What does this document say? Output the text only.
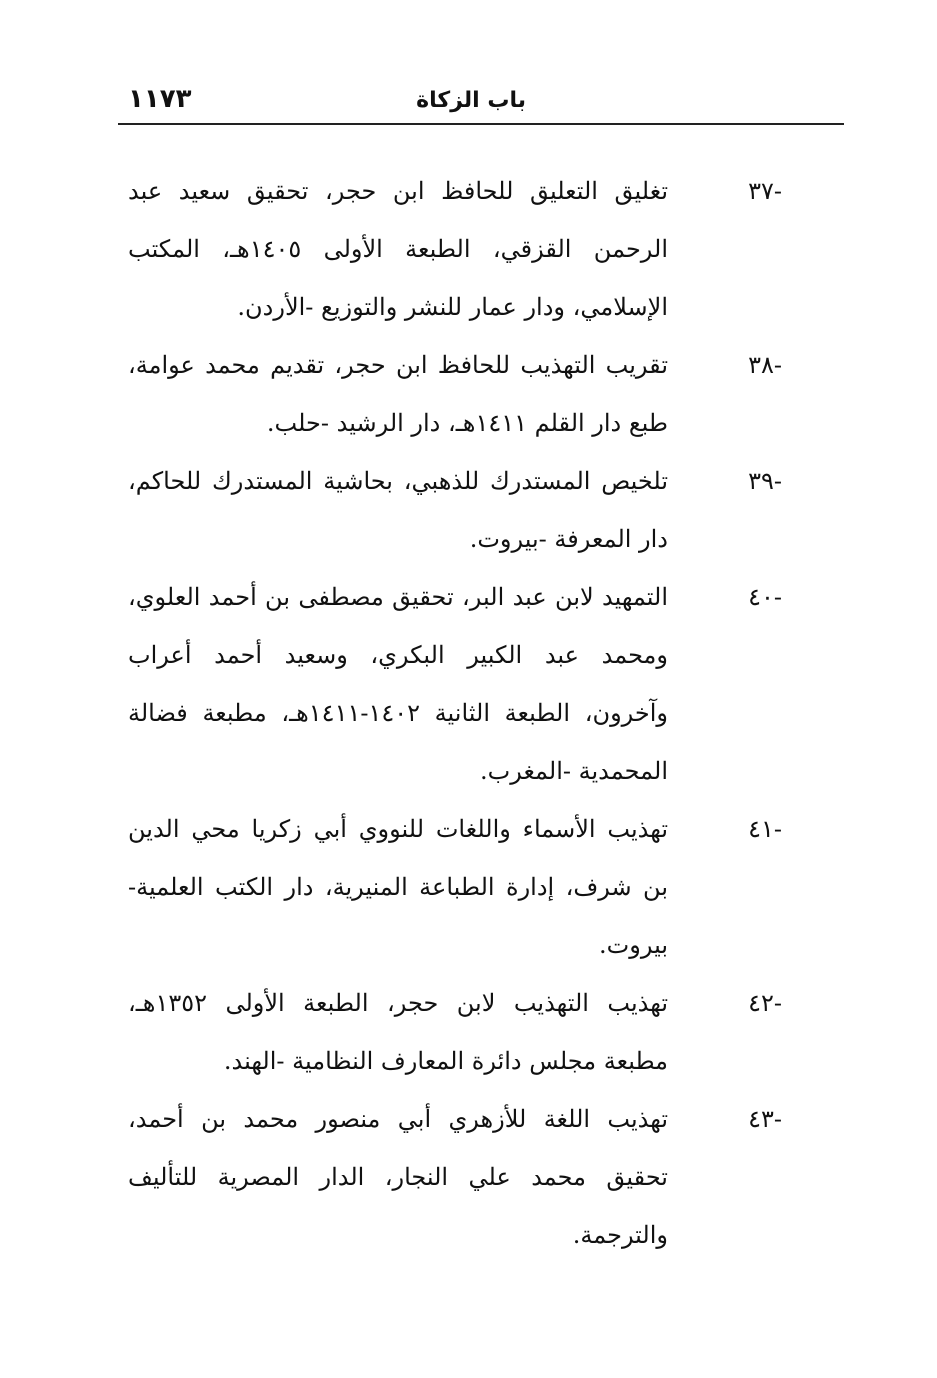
باب الزكاة
١١٧٣
-٣٧
تغليق التعليق للحافظ ابن حجر، تحقيق سعيد عبد الرحمن القزقي، الطبعة الأولى ١٤٠٥هـ، المكتب الإسلامي، ودار عمار للنشر والتوزيع -الأردن.
-٣٨
تقريب التهذيب للحافظ ابن حجر، تقديم محمد عوامة، طبع دار القلم ١٤١١هـ، دار الرشيد -حلب.
-٣٩
تلخيص المستدرك للذهبي، بحاشية المستدرك للحاكم، دار المعرفة -بيروت.
-٤٠
التمهيد لابن عبد البر، تحقيق مصطفى بن أحمد العلوي، ومحمد عبد الكبير البكري، وسعيد أحمد أعراب وآخرون، الطبعة الثانية ١٤٠٢-١٤١١هـ، مطبعة فضالة المحمدية -المغرب.
-٤١
تهذيب الأسماء واللغات للنووي أبي زكريا محي الدين بن شرف، إدارة الطباعة المنيرية، دار الكتب العلمية- بيروت.
-٤٢
تهذيب التهذيب لابن حجر، الطبعة الأولى ١٣٥٢هـ، مطبعة مجلس دائرة المعارف النظامية -الهند.
-٤٣
تهذيب اللغة للأزهري أبي منصور محمد بن أحمد، تحقيق محمد علي النجار، الدار المصرية للتأليف والترجمة.
